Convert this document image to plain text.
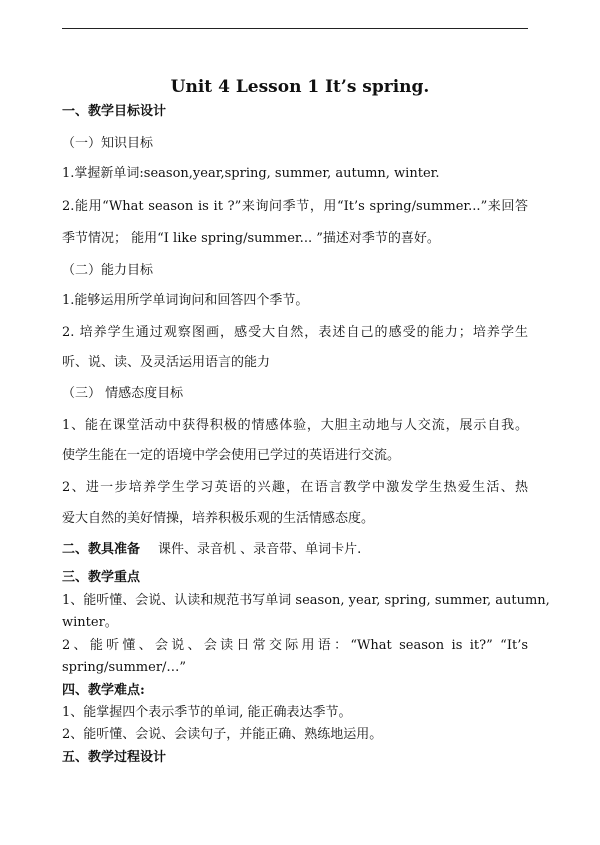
Unit 4 Lesson 1 It’s spring.
一、教学目标设计
（一）知识目标
1.掌握新单词:season,year,spring, summer, autumn, winter.
2.能用“What season is it ?”来询问季节，用“It’s spring/summer...”来回答
季节情况； 能用“I like spring/summer... ”描述对季节的喜好。
（二）能力目标
1.能够运用所学单词询问和回答四个季节。
2. 培养学生通过观察图画，感受大自然，表述自己的感受的能力；培养学生
听、说、读、及灵活运用语言的能力
（三） 情感态度目标
1、能在课堂活动中获得积极的情感体验，大胆主动地与人交流，展示自我。
使学生能在一定的语境中学会使用已学过的英语进行交流。
2、进一步培养学生学习英语的兴趣，在语言教学中激发学生热爱生活、热
爱大自然的美好情操，培养积极乐观的生活情感态度。
二、教具准备 课件、录音机 、录音带、单词卡片.
三、教学重点
1、能听懂、会说、认读和规范书写单词 season, year, spring, summer, autumn,
winter。
2、能听懂、会说、会读日常交际用语：“What season is it?” “It’s
spring/summer/…”
四、教学难点:
1、能掌握四个表示季节的单词, 能正确表达季节。
2、能听懂、会说、会读句子，并能正确、熟练地运用。
五、教学过程设计
